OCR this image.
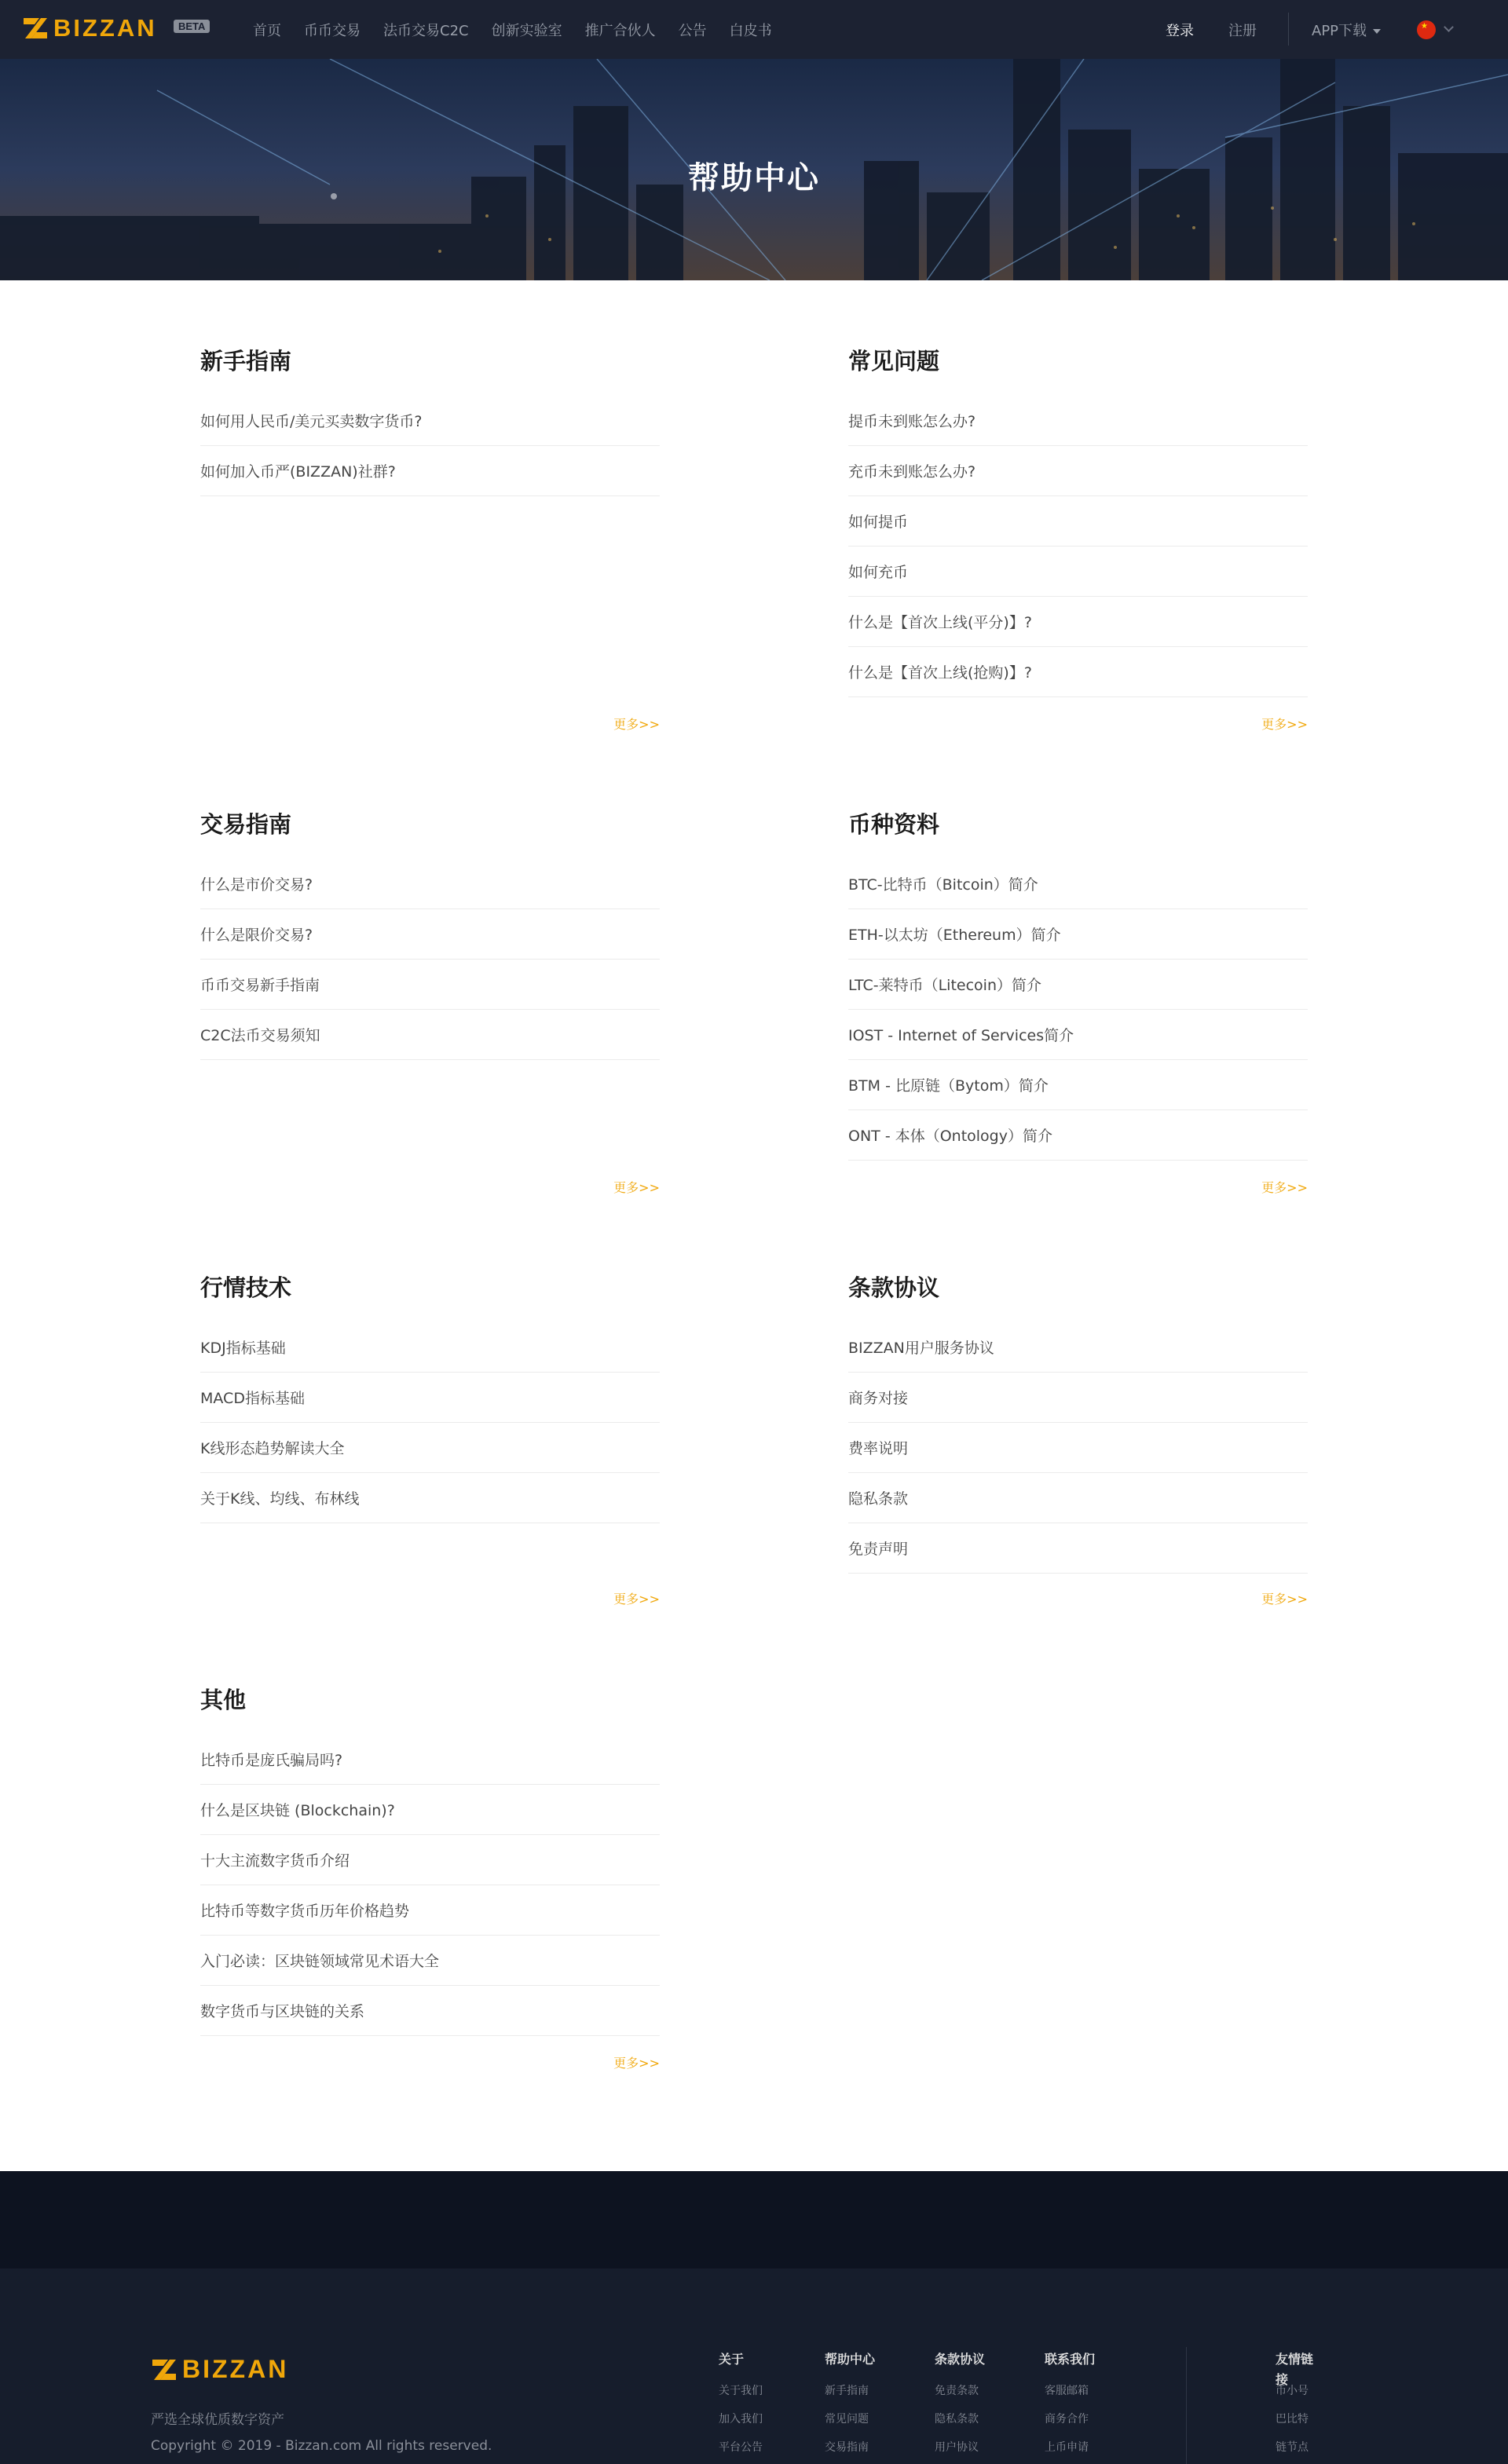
BIZZAN	BETA	首页 币币交易 法币交易C2C 创新实验室 推广合伙人 公告 白皮书	登录 注册	APP下载	★
帮助中心
新手指南
如何用人民币/美元买卖数字货币?
如何加入币严(BIZZAN)社群?
更多>>
常见问题
提币未到账怎么办?
充币未到账怎么办?
如何提币
如何充币
什么是【首次上线(平分)】?
什么是【首次上线(抢购)】?
更多>>
交易指南
什么是市价交易?
什么是限价交易?
币币交易新手指南
C2C法币交易须知
更多>>
币种资料
BTC-比特币（Bitcoin）简介
ETH-以太坊（Ethereum）简介
LTC-莱特币（Litecoin）简介
IOST - Internet of Services简介
BTM - 比原链（Bytom）简介
ONT - 本体（Ontology）简介
更多>>
行情技术
KDJ指标基础
MACD指标基础
K线形态趋势解读大全
关于K线、均线、布林线
更多>>
条款协议
BIZZAN用户服务协议
商务对接
费率说明
隐私条款
免责声明
更多>>
其他
比特币是庞氏骗局吗?
什么是区块链 (Blockchain)?
十大主流数字货币介绍
比特币等数字货币历年价格趋势
入门必读：区块链领域常见术语大全
数字货币与区块链的关系
更多>>
BIZZAN
严选全球优质数字资产
Copyright © 2019 - Bizzan.com All rights reserved.
关于
关于我们
加入我们
平台公告
帮助中心
新手指南
常见问题
交易指南
条款协议
免责条款
隐私条款
用户协议
联系我们
客服邮箱
商务合作
上币申请
友情链接
币小号
巴比特
链节点
